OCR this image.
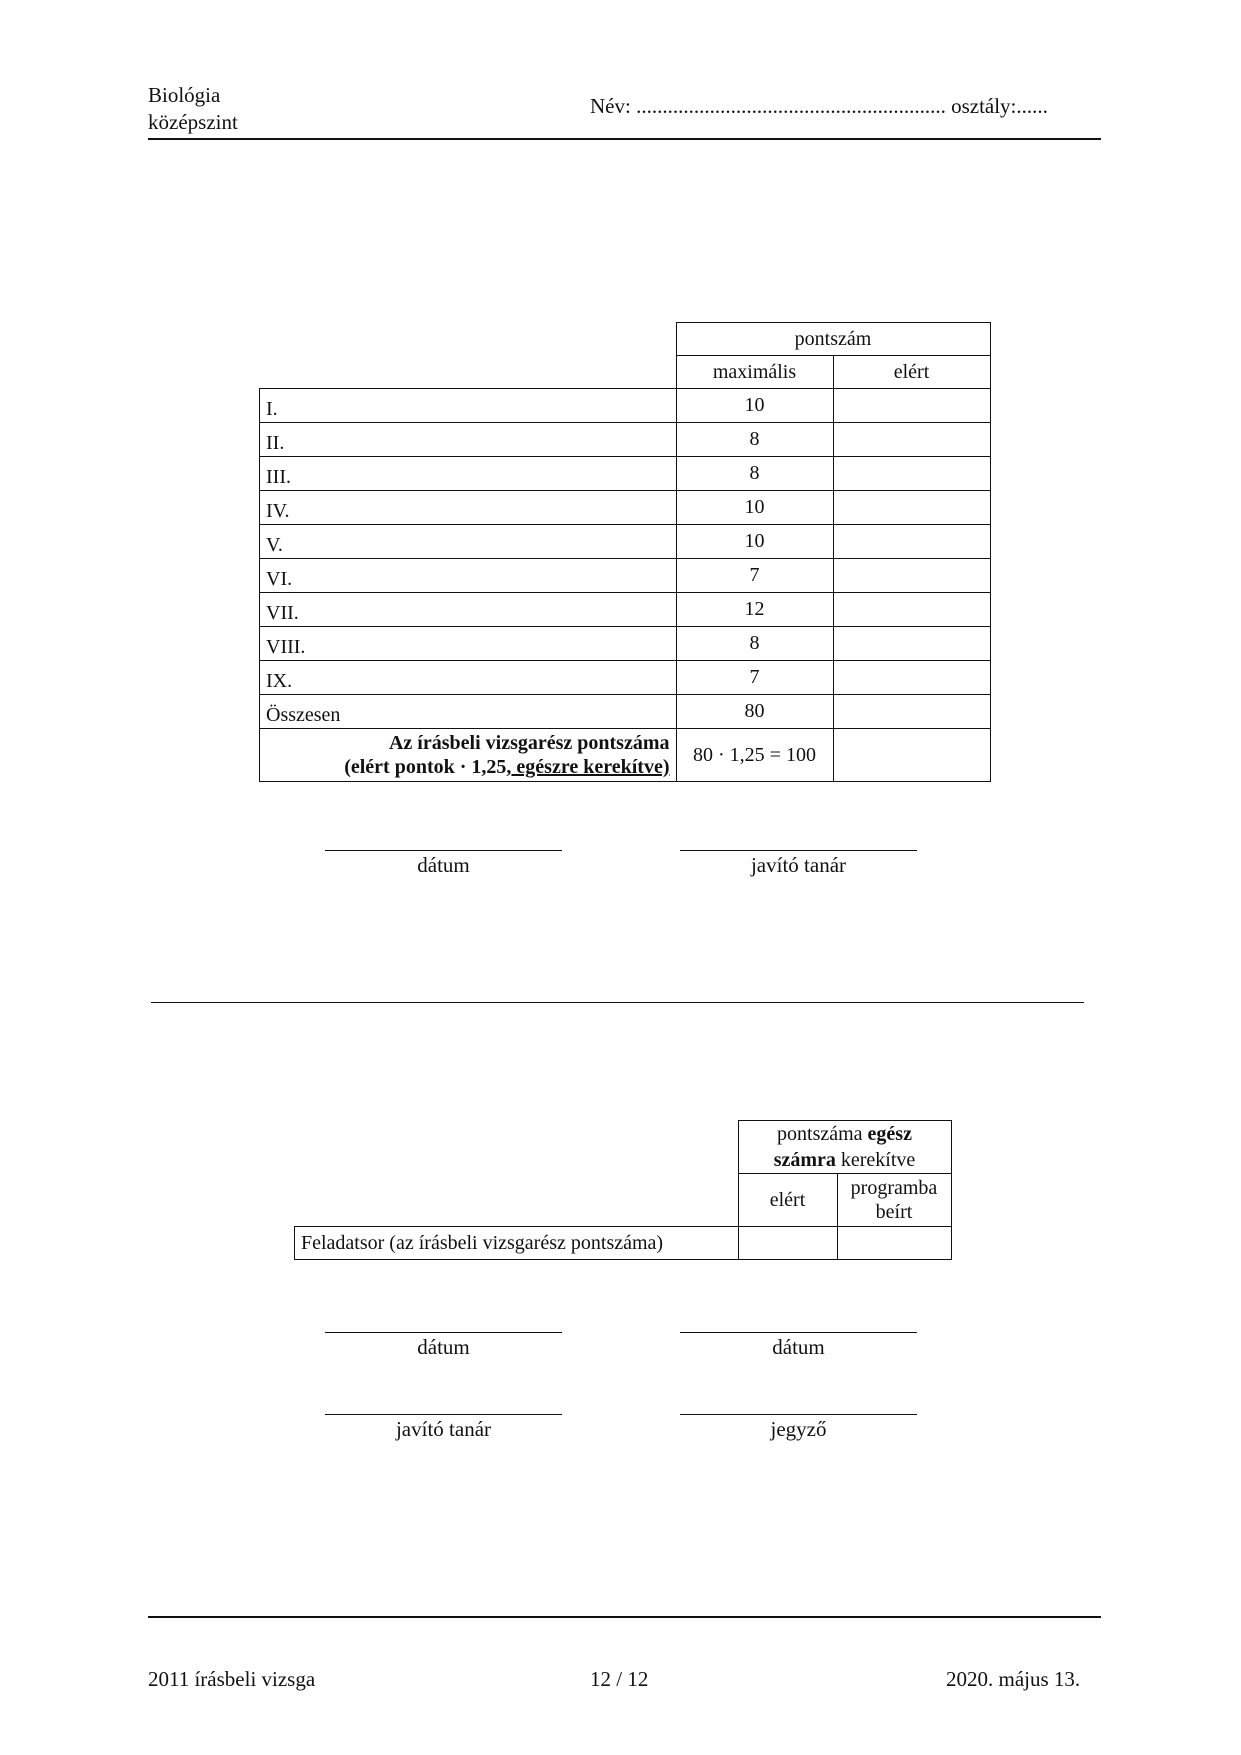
Biológia
középszint
Név: ........................................................... osztály:......
	pontszám	
	maximális	elért
I.	10	
II.	8	
III.	8	
IV.	10	
V.	10	
VI.	7	
VII.	12	
VIII.	8	
IX.	7	
Összesen	80	

Az írásbeli vizsgarész pontszáma
(elért pontok · 1,25, egészre kerekítve)	80 · 1,25 = 100	
dátum	javító tanár
	pontszáma egész
számra kerekítve	
	elért	programba
beírt

Feladatsor (az írásbeli vizsgarész pontszáma)		
dátum	dátum
javító tanár	jegyző
2011 írásbeli vizsga	12 / 12	2020. május 13.
